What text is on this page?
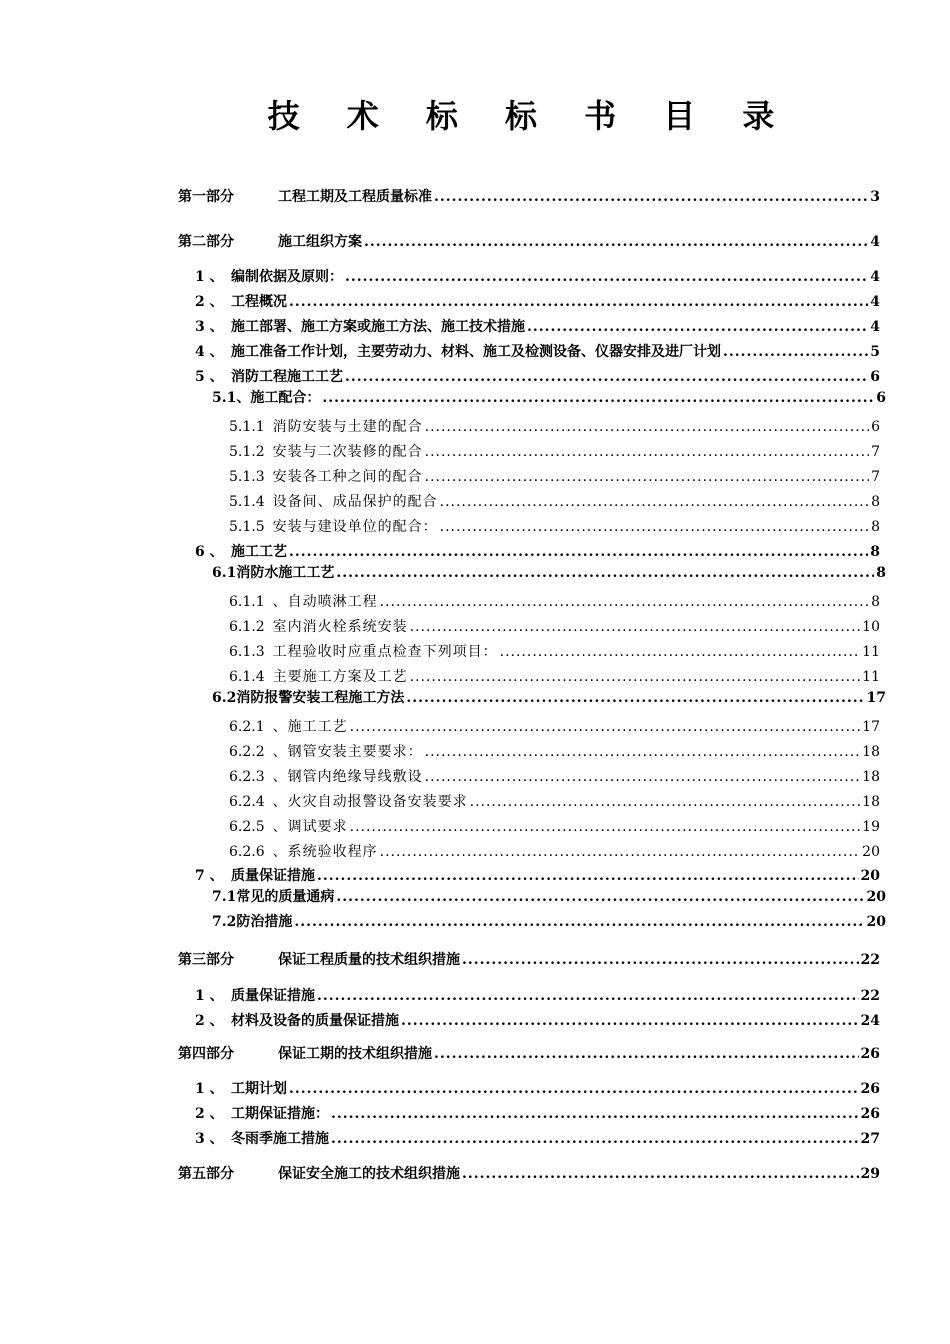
技 术 标 标 书 目 录
第一部分	工程工期及工程质量标准 .....	3
第二部分	施工组织方案 .....	4
1 、 编制依据及原则： .....	4
2 、 工程概况 .....	4
3 、 施工部署、施工方案或施工方法、施工技术措施 .....	4
4 、 施工准备工作计划，主要劳动力、材料、施工及检测设备、仪器安排及进厂计划 .....	5
5 、 消防工程施工工艺 .....	6
5.1、 施工配合： .....	6
5.1.1 消防安装与土建的配合 .....	6
5.1.2 安装与二次装修的配合 .....	7
5.1.3 安装各工种之间的配合 .....	7
5.1.4 设备间、成品保护的配合 .....	8
5.1.5 安装与建设单位的配合： .....	8
6 、 施工工艺 .....	8
6.1 消防水施工工艺 .....	8
6.1.1 、自动喷淋工程 .....	8
6.1.2 室内消火栓系统安装 .....	10
6.1.3 工程验收时应重点检查下列项目： .....	11
6.1.4 主要施工方案及工艺 .....	11
6.2 消防报警安装工程施工方法 .....	17
6.2.1 、施工工艺 .....	17
6.2.2 、钢管安装主要要求： .....	18
6.2.3 、钢管内绝缘导线敷设 .....	18
6.2.4 、火灾自动报警设备安装要求 .....	18
6.2.5 、调试要求 .....	19
6.2.6 、系统验收程序 .....	20
7 、 质量保证措施 .....	20
7.1 常见的质量通病 .....	20
7.2 防治措施 .....	20
第三部分	保证工程质量的技术组织措施 .....	22
1 、 质量保证措施 .....	22
2 、 材料及设备的质量保证措施 .....	24
第四部分	保证工期的技术组织措施 .....	26
1 、 工期计划 .....	26
2 、 工期保证措施： .....	26
3 、 冬雨季施工措施 .....	27
第五部分	保证安全施工的技术组织措施 .....	29
